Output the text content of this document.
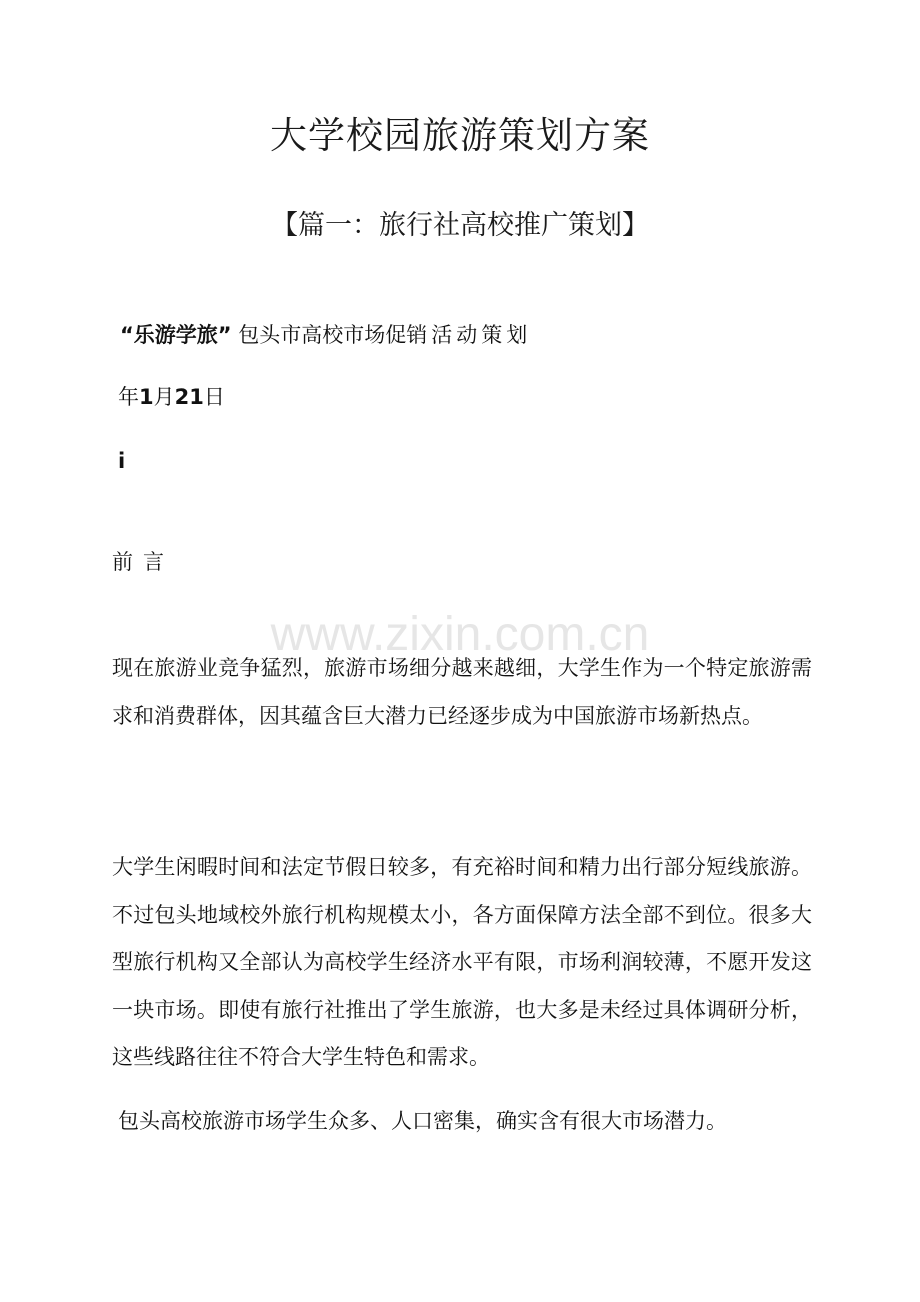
大学校园旅游策划方案
【篇一：旅行社高校推广策划】
“乐游学旅” 包头市高校市场促销活动策划
年1月21日
i
前言
www.zixin.com.cn
现在旅游业竞争猛烈，旅游市场细分越来越细，大学生作为一个特定旅游需求和消费群体，因其蕴含巨大潜力已经逐步成为中国旅游市场新热点。
大学生闲暇时间和法定节假日较多，有充裕时间和精力出行部分短线旅游。不过包头地域校外旅行机构规模太小，各方面保障方法全部不到位。很多大型旅行机构又全部认为高校学生经济水平有限，市场利润较薄，不愿开发这一块市场。即使有旅行社推出了学生旅游，也大多是未经过具体调研分析，这些线路往往不符合大学生特色和需求。
包头高校旅游市场学生众多、人口密集，确实含有很大市场潜力。
